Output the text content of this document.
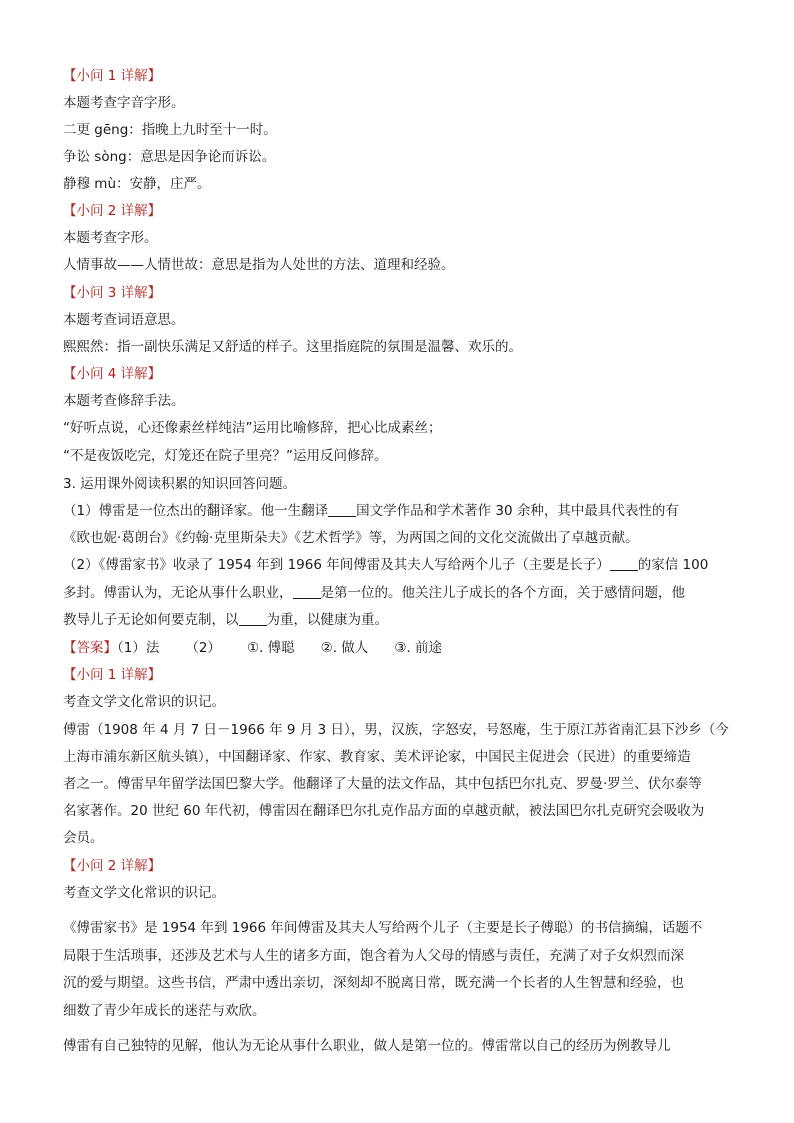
【小问 1 详解】
本题考查字音字形。
二更 gēng：指晚上九时至十一时。
争讼 sòng：意思是因争论而诉讼。
静穆 mù：安静，庄严。
【小问 2 详解】
本题考查字形。
人情事故——人情世故：意思是指为人处世的方法、道理和经验。
【小问 3 详解】
本题考查词语意思。
熙熙然：指一副快乐满足又舒适的样子。这里指庭院的氛围是温馨、欢乐的。
【小问 4 详解】
本题考查修辞手法。
“好听点说，心还像素丝样纯洁”运用比喻修辞，把心比成素丝；
“不是夜饭吃完，灯笼还在院子里亮？”运用反问修辞。
3. 运用课外阅读积累的知识回答问题。
（1）傅雷是一位杰出的翻译家。他一生翻译 国文学作品和学术著作 30 余种，其中最具代表性的有
《欧也妮·葛朗台》《约翰·克里斯朵夫》《艺术哲学》等，为两国之间的文化交流做出了卓越贡献。
（2）《傅雷家书》收录了 1954 年到 1966 年间傅雷及其夫人写给两个儿子（主要是长子） 的家信 100
多封。傅雷认为，无论从事什么职业， 是第一位的。他关注儿子成长的各个方面，关于感情问题，他
教导儿子无论如何要克制，以 为重，以健康为重。
【答案】（1）法 （2） ①. 傅聪 ②. 做人 ③. 前途
【小问 1 详解】
考查文学文化常识的识记。
傅雷（1908 年 4 月 7 日－1966 年 9 月 3 日），男，汉族，字怒安，号怒庵，生于原江苏省南汇县下沙乡（今
上海市浦东新区航头镇），中国翻译家、作家、教育家、美术评论家，中国民主促进会（民进）的重要缔造
者之一。傅雷早年留学法国巴黎大学。他翻译了大量的法文作品，其中包括巴尔扎克、罗曼·罗兰、伏尔泰等
名家著作。20 世纪 60 年代初，傅雷因在翻译巴尔扎克作品方面的卓越贡献，被法国巴尔扎克研究会吸收为
会员。
【小问 2 详解】
考查文学文化常识的识记。
《傅雷家书》是 1954 年到 1966 年间傅雷及其夫人写给两个儿子（主要是长子傅聪）的书信摘编，话题不
局限于生活琐事，还涉及艺术与人生的诸多方面，饱含着为人父母的情感与责任，充满了对子女炽烈而深
沉的爱与期望。这些书信，严肃中透出亲切，深刻却不脱离日常，既充满一个长者的人生智慧和经验，也
细数了青少年成长的迷茫与欢欣。
傅雷有自己独特的见解，他认为无论从事什么职业，做人是第一位的。傅雷常以自己的经历为例教导儿
